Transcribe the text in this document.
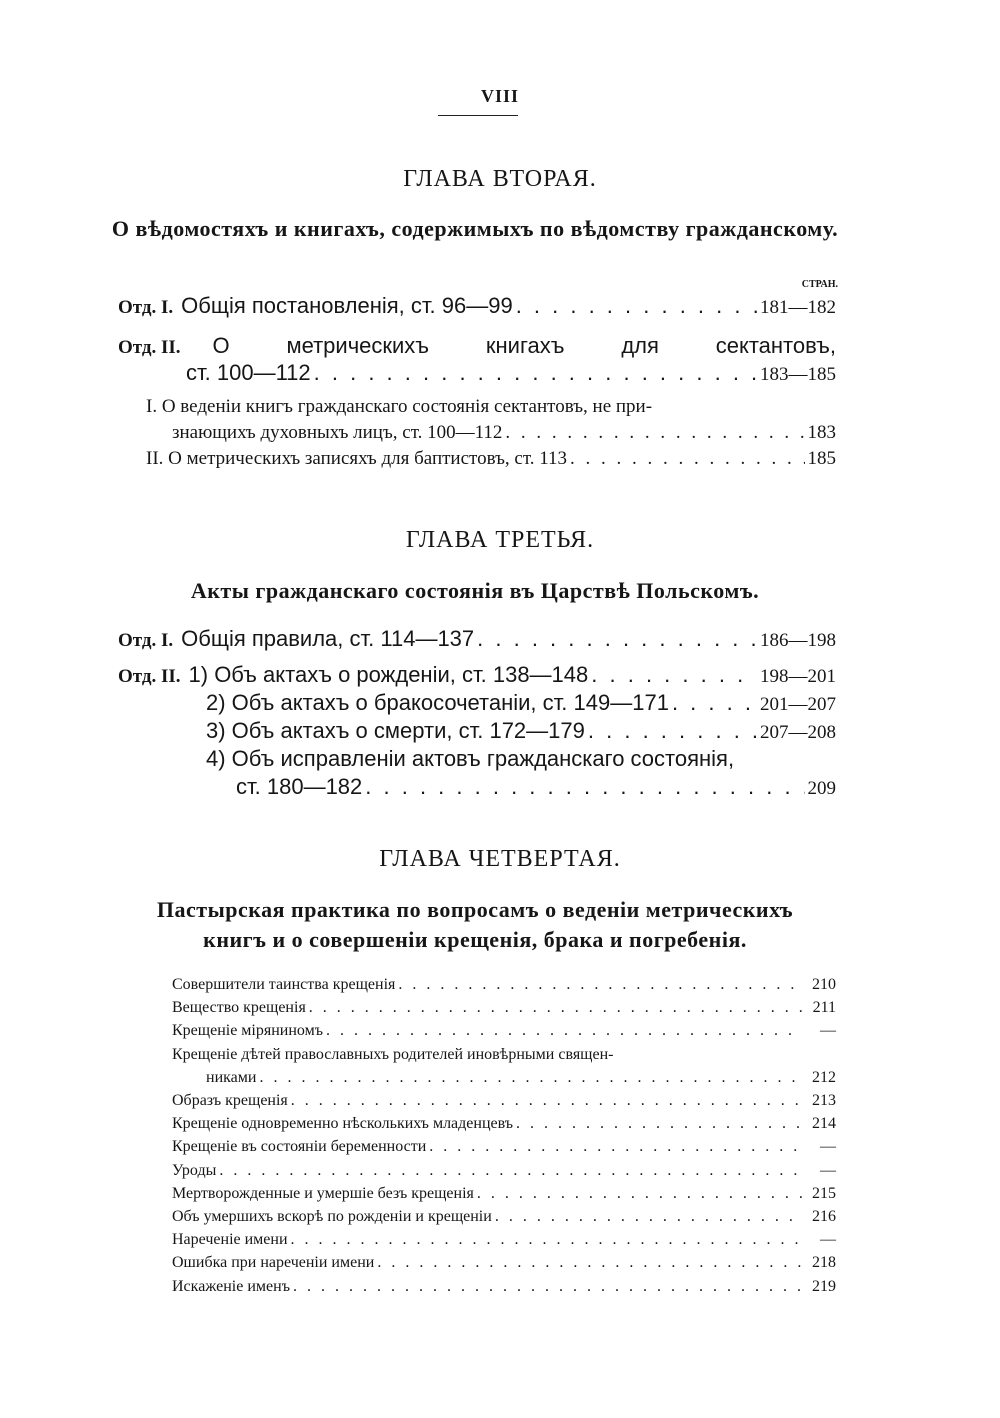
VIII
ГЛАВА ВТОРАЯ.
О вѣдомостяхъ и книгахъ, содержимыхъ по вѣдомству гражданскому.
СТРАН.
Отд. I. Общія постановленія, ст. 96—99 . . .	181—182
Отд. II. О	метрическихъ	книгахъ	для	сектантовъ,
ст. 100—112 . . .	183—185
I. О веденіи книгъ гражданскаго состоянія сектантовъ, не при-
знающихъ духовныхъ лицъ, ст. 100—112 . . .	183
II. О метрическихъ записяхъ для баптистовъ, ст. 113 . . .	185
ГЛАВА ТРЕТЬЯ.
Акты гражданскаго состоянія въ Царствѣ Польскомъ.
Отд. I. Общія правила, ст. 114—137 . . .	186—198
Отд. II. 1) Объ актахъ о рожденіи, ст. 138—148 . . .	198—201
2) Объ актахъ о бракосочетаніи, ст. 149—171 . . .	201—207
3) Объ актахъ о смерти, ст. 172—179 . . .	207—208
4) Объ исправленіи актовъ гражданскаго состоянія,
ст. 180—182 . . .	209
ГЛАВА ЧЕТВЕРТАЯ.
Пастырская практика по вопросамъ о веденіи метрическихъ
книгъ и о совершеніи крещенія, брака и погребенія.
Совершители таинства крещенія . . .	210
Вещество крещенія . . .	211
Крещеніе міряниномъ . . .	—
Крещеніе дѣтей православныхъ родителей иновѣрными священ-
никами . . .	212
Образъ крещенія . . .	213
Крещеніе одновременно нѣсколькихъ младенцевъ . . .	214
Крещеніе въ состояніи беременности . . .	—
Уроды . . .	—
Мертворожденные и умершіе безъ крещенія . . .	215
Объ умершихъ вскорѣ по рожденіи и крещеніи . . .	216
Нареченіе имени . . .	—
Ошибка при нареченіи имени . . .	218
Искаженіе именъ . . .	219
